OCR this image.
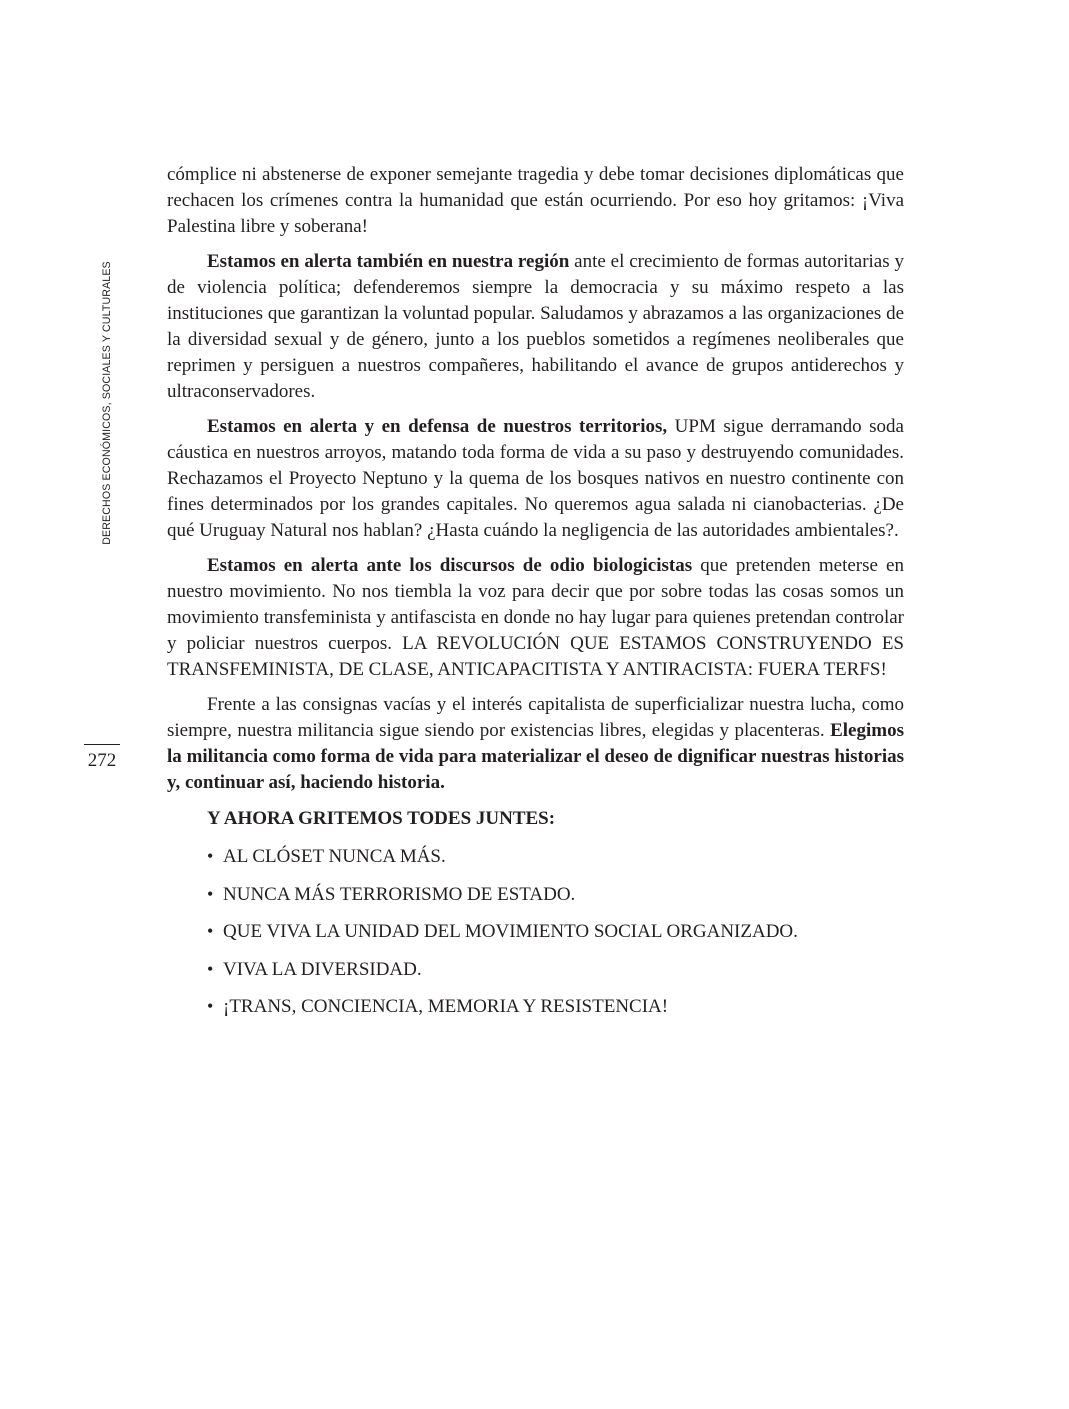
DERECHOS ECONÓMICOS, SOCIALES Y CULTURALES
272

cómplice ni abstenerse de exponer semejante tragedia y debe tomar decisiones diplomáticas que rechacen los crímenes contra la humanidad que están ocurriendo. Por eso hoy gritamos: ¡Viva Palestina libre y soberana!

Estamos en alerta también en nuestra región ante el crecimiento de formas autoritarias y de violencia política; defenderemos siempre la democracia y su máximo respeto a las instituciones que garantizan la voluntad popular. Saludamos y abrazamos a las organizaciones de la diversidad sexual y de género, junto a los pueblos sometidos a regímenes neoliberales que reprimen y persiguen a nuestros compañeres, habilitando el avance de grupos antiderechos y ultraconservadores.

Estamos en alerta y en defensa de nuestros territorios, UPM sigue derramando soda cáustica en nuestros arroyos, matando toda forma de vida a su paso y destruyendo comunidades. Rechazamos el Proyecto Neptuno y la quema de los bosques nativos en nuestro continente con fines determinados por los grandes capitales. No queremos agua salada ni cianobacterias. ¿De qué Uruguay Natural nos hablan? ¿Hasta cuándo la negligencia de las autoridades ambientales?.

Estamos en alerta ante los discursos de odio biologicistas que pretenden meterse en nuestro movimiento. No nos tiembla la voz para decir que por sobre todas las cosas somos un movimiento transfeminista y antifascista en donde no hay lugar para quienes pretendan controlar y policiar nuestros cuerpos. LA REVOLUCIÓN QUE ESTAMOS CONSTRUYENDO ES TRANSFEMINISTA, DE CLASE, ANTICAPACITISTA Y ANTIRACISTA: FUERA TERFS!

Frente a las consignas vacías y el interés capitalista de superficializar nuestra lucha, como siempre, nuestra militancia sigue siendo por existencias libres, elegidas y placenteras. Elegimos la militancia como forma de vida para materializar el deseo de dignificar nuestras historias y, continuar así, haciendo historia.

Y AHORA GRITEMOS TODES JUNTES:

• AL CLÓSET NUNCA MÁS.
• NUNCA MÁS TERRORISMO DE ESTADO.
• QUE VIVA LA UNIDAD DEL MOVIMIENTO SOCIAL ORGANIZADO.
• VIVA LA DIVERSIDAD.
• ¡TRANS, CONCIENCIA, MEMORIA Y RESISTENCIA!
